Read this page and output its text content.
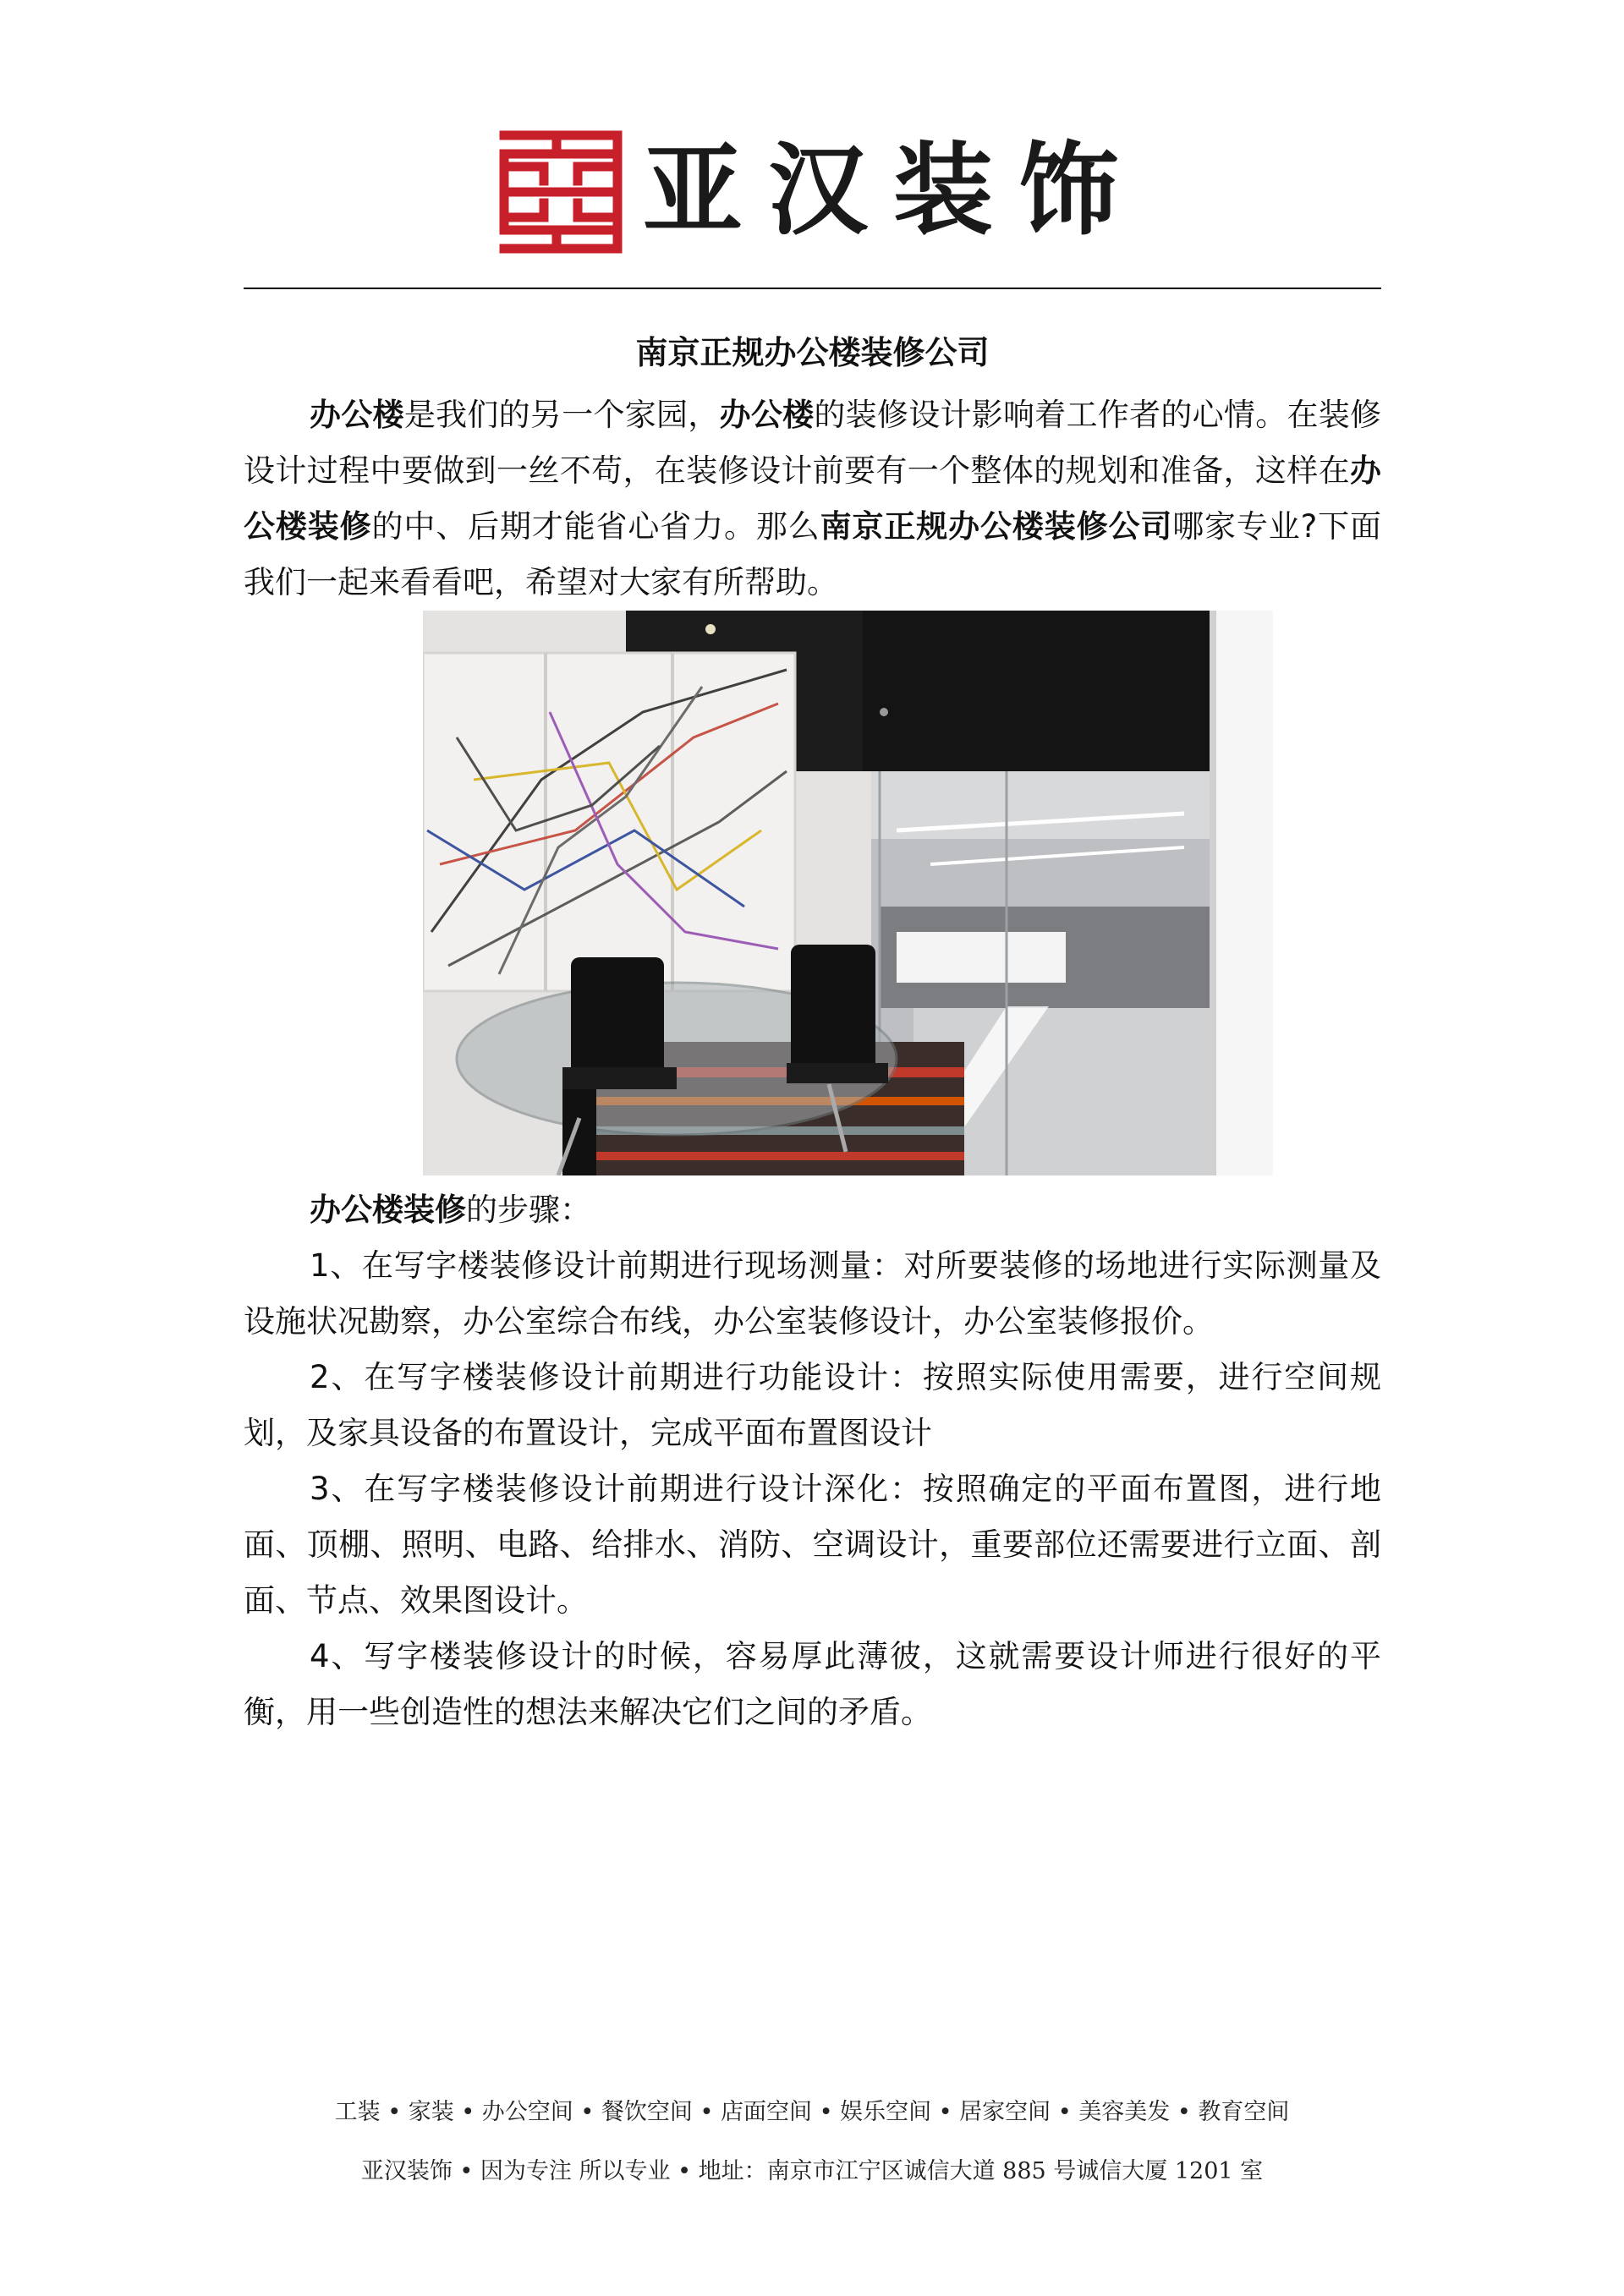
亚汉装饰
南京正规办公楼装修公司

办公楼是我们的另一个家园，办公楼的装修设计影响着工作者的心情。在装修设计过程中要做到一丝不苟，在装修设计前要有一个整体的规划和准备，这样在办公楼装修的中、后期才能省心省力。那么南京正规办公楼装修公司哪家专业?下面我们一起来看看吧，希望对大家有所帮助。

办公楼装修的步骤：

1、在写字楼装修设计前期进行现场测量：对所要装修的场地进行实际测量及设施状况勘察，办公室综合布线，办公室装修设计，办公室装修报价。

2、在写字楼装修设计前期进行功能设计：按照实际使用需要，进行空间规划，及家具设备的布置设计，完成平面布置图设计

3、在写字楼装修设计前期进行设计深化：按照确定的平面布置图，进行地面、顶棚、照明、电路、给排水、消防、空调设计，重要部位还需要进行立面、剖面、节点、效果图设计。

4、写字楼装修设计的时候，容易厚此薄彼，这就需要设计师进行很好的平衡，用一些创造性的想法来解决它们之间的矛盾。

工装 • 家装 • 办公空间 • 餐饮空间 • 店面空间 • 娱乐空间 • 居家空间 • 美容美发 • 教育空间
亚汉装饰 • 因为专注 所以专业 • 地址：南京市江宁区诚信大道 885 号诚信大厦 1201 室
